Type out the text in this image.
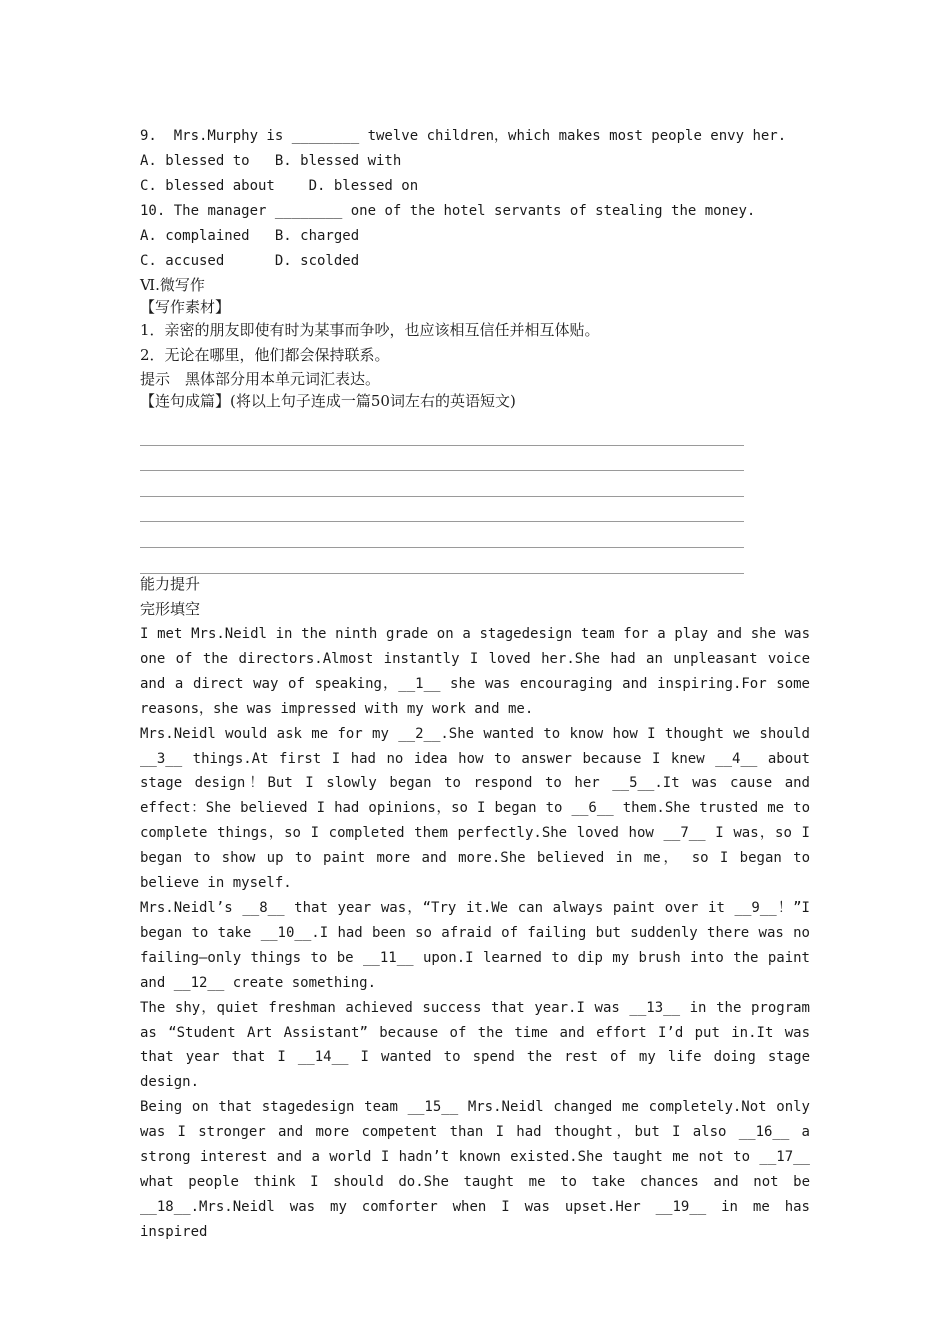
9. Mrs.Murphy is ________ twelve children，which makes most people envy her.
A. blessed to   B. blessed with
C. blessed about    D. blessed on
10. The manager ________ one of the hotel servants of stealing the money.
A. complained   B. charged
C. accused      D. scolded
Ⅵ.微写作
【写作素材】
1．亲密的朋友即使有时为某事而争吵，也应该相互信任并相互体贴。
2．无论在哪里，他们都会保持联系。
提示　黑体部分用本单元词汇表达。
【连句成篇】(将以上句子连成一篇50词左右的英语短文)
能力提升
完形填空
I met Mrs.Neidl in the ninth grade on a stagedesign team for a play and she was one of the directors.Almost instantly I loved her.She had an unpleasant voice and a direct way of speaking，__1__ she was encouraging and inspiring.For some reasons，she was impressed with my work and me.
Mrs.Neidl would ask me for my __2__.She wanted to know how I thought we should __3__ things.At first I had no idea how to answer because I knew __4__ about stage design！But I slowly began to respond to her __5__.It was cause and effect：She believed I had opinions，so I began to __6__ them.She trusted me to complete things，so I completed them perfectly.She loved how __7__ I was，so I began to show up to paint more and more.She believed in me， so I began to believe in myself.
Mrs.Neidl’s __8__ that year was，“Try it.We can always paint over it __9__！”I began to take __10__.I had been so afraid of failing but suddenly there was no failing—only things to be __11__ upon.I learned to dip my brush into the paint and __12__ create something.
The shy，quiet freshman achieved success that year.I was __13__ in the program as “Student Art Assistant” because of the time and effort I’d put in.It was that year that I __14__ I wanted to spend the rest of my life doing stage design.
Being on that stagedesign team __15__ Mrs.Neidl changed me completely.Not only was I stronger and more competent than I had thought，but I also __16__ a strong interest and a world I hadn’t known existed.She taught me not to __17__ what people think I should do.She taught me to take chances and not be __18__.Mrs.Neidl was my comforter when I was upset.Her __19__ in me has inspired
